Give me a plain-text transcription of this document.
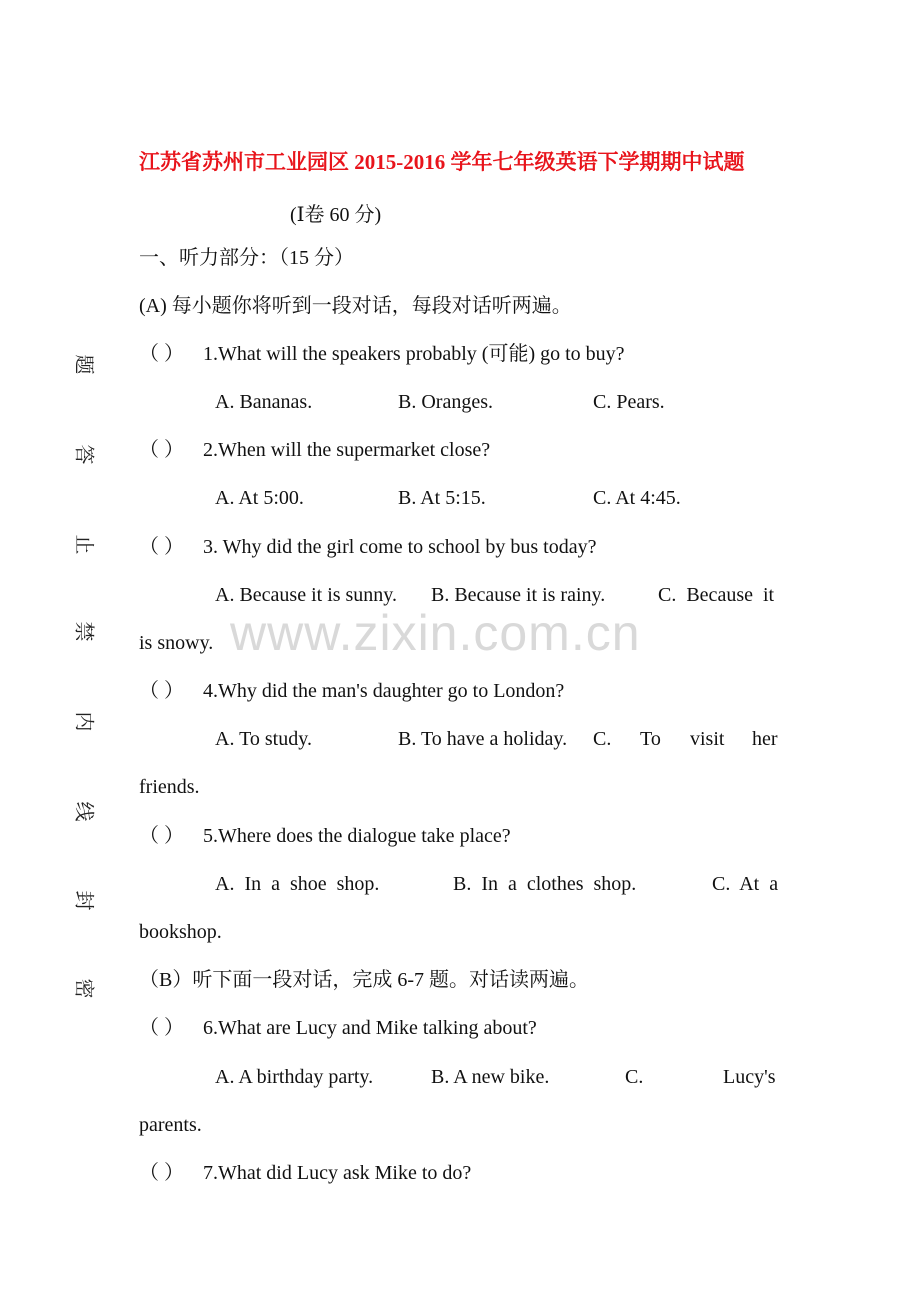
江苏省苏州市工业园区 2015-2016 学年七年级英语下学期期中试题
(Ⅰ卷 60 分)
一、听力部分：（15 分）
(A) 每小题你将听到一段对话，每段对话听两遍。
题
答
止
禁
内
线
封
密
（ ） 1.What will the speakers probably (可能) go to buy?
A. Bananas.	B. Oranges.	C. Pears.
（ ） 2.When will the supermarket close?
A. At 5:00.	B. At 5:15.	C. At 4:45.
（ ） 3. Why did the girl come to school by bus today?
A. Because it is sunny. B. Because it is rainy.	C. Because it
is snowy.
（ ） 4.Why did the man's daughter go to London?
A. To study.	B. To have a holiday. C. To visit her
friends.
www.zixin.com.cn
（ ） 5.Where does the dialogue take place?
A.  In  a  shoe  shop.	B.  In  a  clothes  shop.	C.  At  a
bookshop.
（B）听下面一段对话，完成 6-7 题。对话读两遍。
（ ） 6.What are Lucy and Mike talking about?
A. A birthday party.	B. A new bike.	C.	Lucy's
parents.
（ ） 7.What did Lucy ask Mike to do?
